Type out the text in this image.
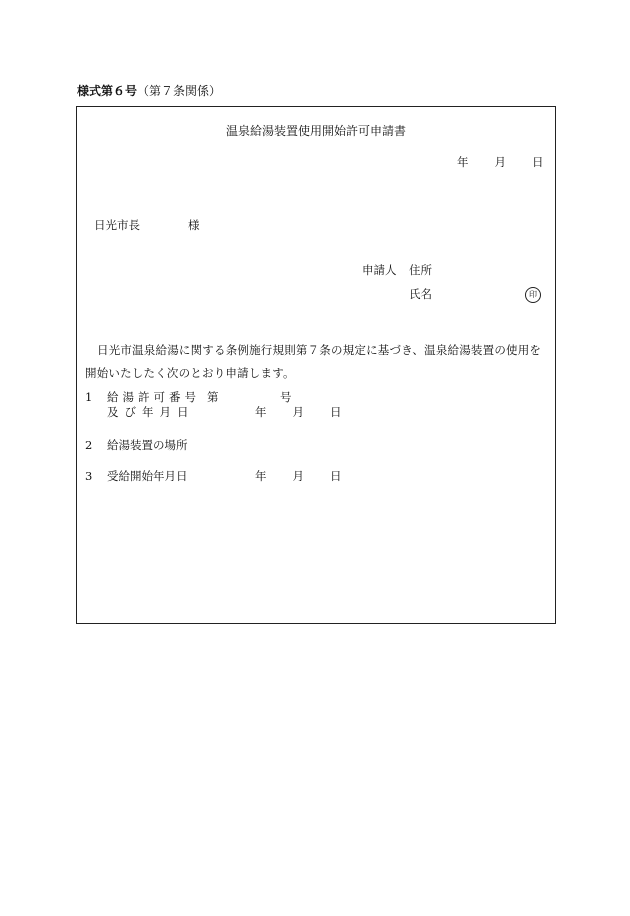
様式第６号（第７条関係）
温泉給湯装置使用開始許可申請書
年 月 日
日光市長	様
申請人 住所
氏名	印
日光市温泉給湯に関する条例施行規則第７条の規定に基づき、温泉給湯装置の使用を開始いたしたく次のとおり申請します。
1 給湯許可番号 第	号
及び年月日	年 月 日
2 給湯装置の場所
3 受給開始年月日	年 月 日
